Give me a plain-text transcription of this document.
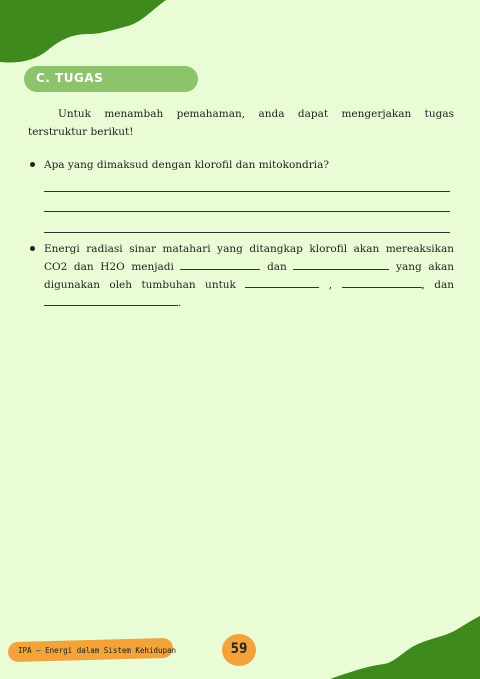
C. TUGAS

Untuk menambah pemahaman, anda dapat mengerjakan tugas terstruktur berikut!

Apa yang dimaksud dengan klorofil dan mitokondria?
Energi radiasi sinar matahari yang ditangkap klorofil akan mereaksikan CO2 dan H2O menjadi	dan	yang akan digunakan oleh tumbuhan untuk	,	, dan .
IPA – Energi dalam Sistem Kehidupan	59
